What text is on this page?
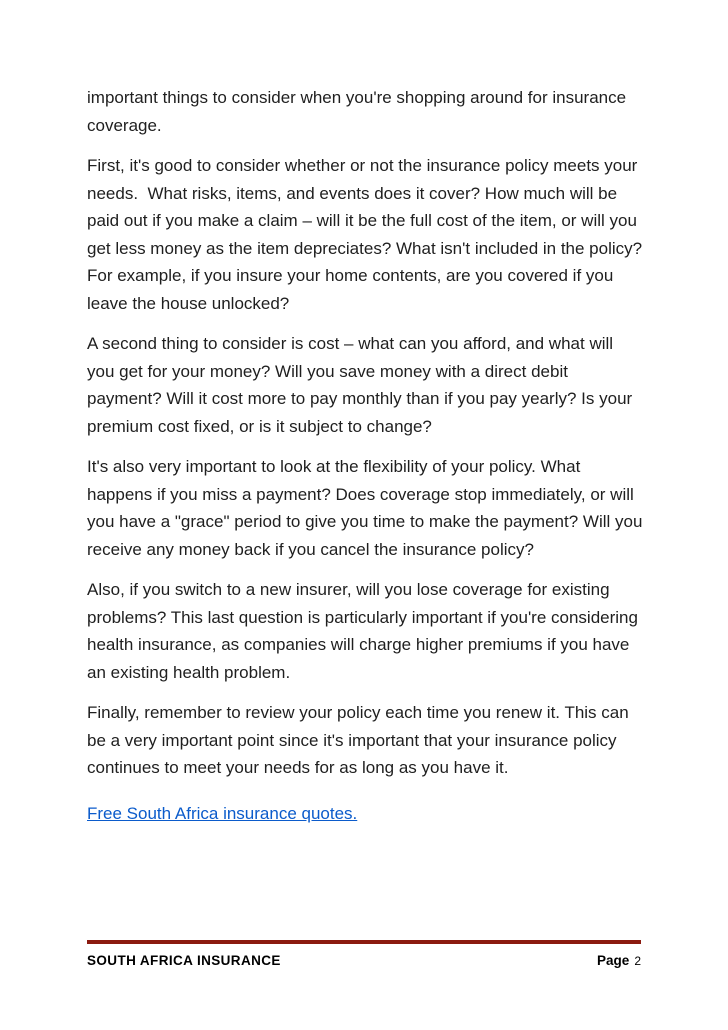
important things to consider when you're shopping around for insurance coverage.

First, it's good to consider whether or not the insurance policy meets your needs.  What risks, items, and events does it cover? How much will be paid out if you make a claim – will it be the full cost of the item, or will you get less money as the item depreciates? What isn't included in the policy?  For example, if you insure your home contents, are you covered if you leave the house unlocked?

A second thing to consider is cost – what can you afford, and what will you get for your money? Will you save money with a direct debit payment? Will it cost more to pay monthly than if you pay yearly? Is your premium cost fixed, or is it subject to change?

It's also very important to look at the flexibility of your policy. What happens if you miss a payment? Does coverage stop immediately, or will you have a "grace" period to give you time to make the payment? Will you receive any money back if you cancel the insurance policy?

Also, if you switch to a new insurer, will you lose coverage for existing problems? This last question is particularly important if you're considering health insurance, as companies will charge higher premiums if you have an existing health problem.

Finally, remember to review your policy each time you renew it. This can be a very important point since it's important that your insurance policy continues to meet your needs for as long as you have it.

Free South Africa insurance quotes.
SOUTH AFRICA INSURANCE	Page 2
